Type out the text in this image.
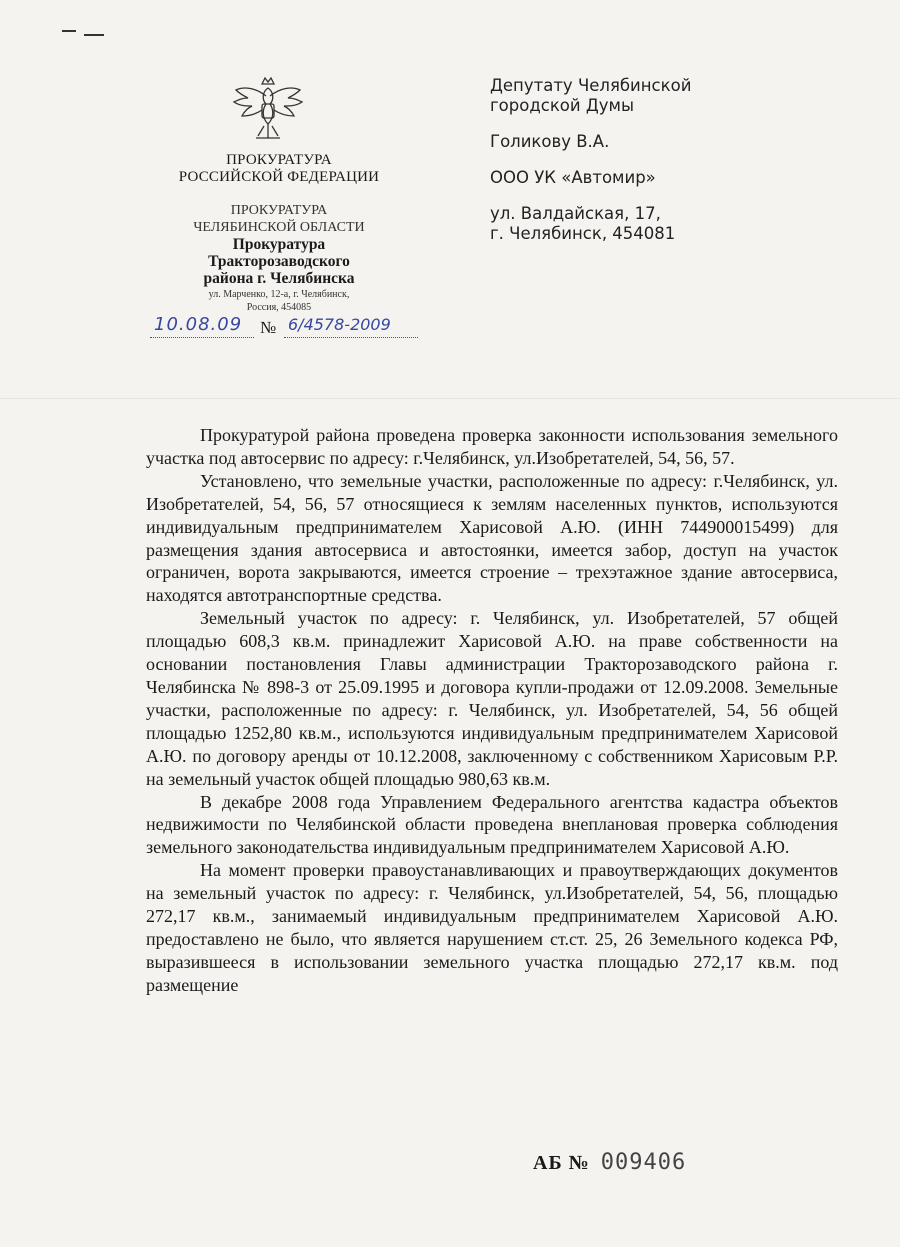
ПРОКУРАТУРА
РОССИЙСКОЙ ФЕДЕРАЦИИ
ПРОКУРАТУРА
ЧЕЛЯБИНСКОЙ ОБЛАСТИ
Прокуратура
Тракторозаводского
района г. Челябинска
ул. Марченко, 12-а, г. Челябинск,
Россия, 454085
10.08.09 № 6/4578-2009
Депутату Челябинской
городской Думы
Голикову В.А.
ООО УК «Автомир»
ул. Валдайская, 17,
г. Челябинск, 454081

Прокуратурой района проведена проверка законности использования земельного участка под автосервис по адресу: г.Челябинск, ул.Изобретателей, 54, 56, 57.

Установлено, что земельные участки, расположенные по адресу: г.Челябинск, ул. Изобретателей, 54, 56, 57 относящиеся к землям населенных пунктов, используются индивидуальным предпринимателем Харисовой А.Ю. (ИНН 744900015499) для размещения здания автосервиса и автостоянки, имеется забор, доступ на участок ограничен, ворота закрываются, имеется строение – трехэтажное здание автосервиса, находятся автотранспортные средства.

Земельный участок по адресу: г. Челябинск, ул. Изобретателей, 57 общей площадью 608,3 кв.м. принадлежит Харисовой А.Ю. на праве собственности на основании постановления Главы администрации Тракторозаводского района г. Челябинска № 898-3 от 25.09.1995 и договора купли-продажи от 12.09.2008. Земельные участки, расположенные по адресу: г. Челябинск, ул. Изобретателей, 54, 56 общей площадью 1252,80 кв.м., используются индивидуальным предпринимателем Харисовой А.Ю. по договору аренды от 10.12.2008, заключенному с собственником Харисовым Р.Р. на земельный участок общей площадью 980,63 кв.м.

В декабре 2008 года Управлением Федерального агентства кадастра объектов недвижимости по Челябинской области проведена внеплановая проверка соблюдения земельного законодательства индивидуальным предпринимателем Харисовой А.Ю.

На момент проверки правоустанавливающих и правоутверждающих документов на земельный участок по адресу: г. Челябинск, ул.Изобретателей, 54, 56, площадью 272,17 кв.м., занимаемый индивидуальным предпринимателем Харисовой А.Ю. предоставлено не было, что является нарушением ст.ст. 25, 26 Земельного кодекса РФ, выразившееся в использовании земельного участка площадью 272,17 кв.м. под размещение

АБ № 009406
